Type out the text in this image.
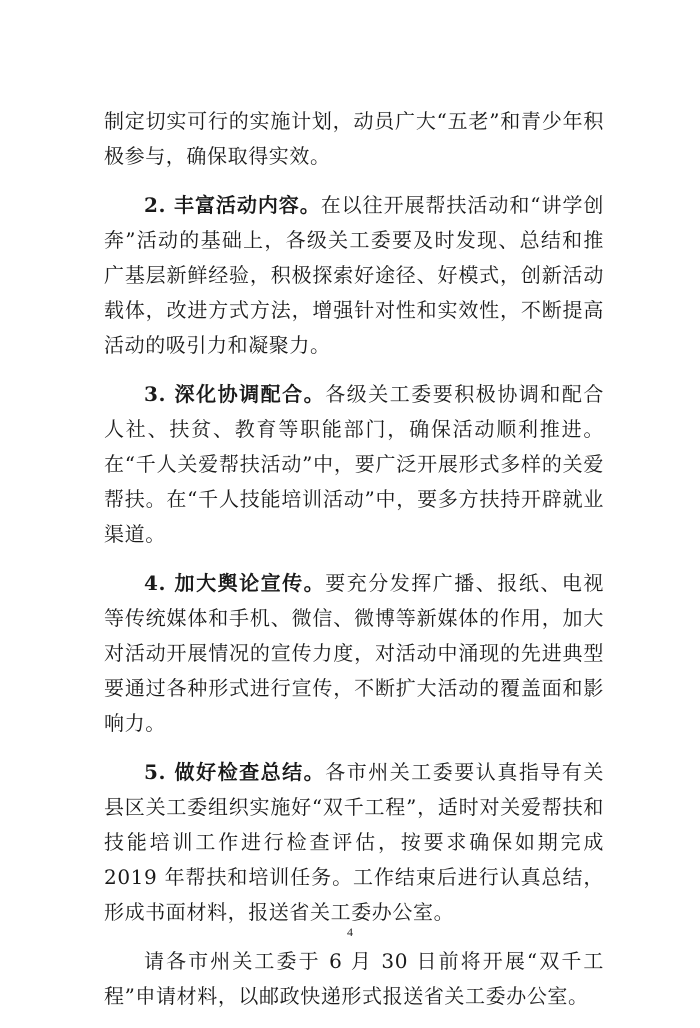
制定切实可行的实施计划，动员广大“五老”和青少年积极参与，确保取得实效。

2. 丰富活动内容。在以往开展帮扶活动和“讲学创奔”活动的基础上，各级关工委要及时发现、总结和推广基层新鲜经验，积极探索好途径、好模式，创新活动载体，改进方式方法，增强针对性和实效性，不断提高活动的吸引力和凝聚力。

3. 深化协调配合。各级关工委要积极协调和配合人社、扶贫、教育等职能部门，确保活动顺利推进。在“千人关爱帮扶活动”中，要广泛开展形式多样的关爱帮扶。在“千人技能培训活动”中，要多方扶持开辟就业渠道。

4. 加大舆论宣传。要充分发挥广播、报纸、电视等传统媒体和手机、微信、微博等新媒体的作用，加大对活动开展情况的宣传力度，对活动中涌现的先进典型要通过各种形式进行宣传，不断扩大活动的覆盖面和影响力。

5. 做好检查总结。各市州关工委要认真指导有关县区关工委组织实施好“双千工程”，适时对关爱帮扶和技能培训工作进行检查评估，按要求确保如期完成 2019 年帮扶和培训任务。工作结束后进行认真总结，形成书面材料，报送省关工委办公室。

请各市州关工委于 6 月 30 日前将开展“双千工程”申请材料，以邮政快递形式报送省关工委办公室。

4
